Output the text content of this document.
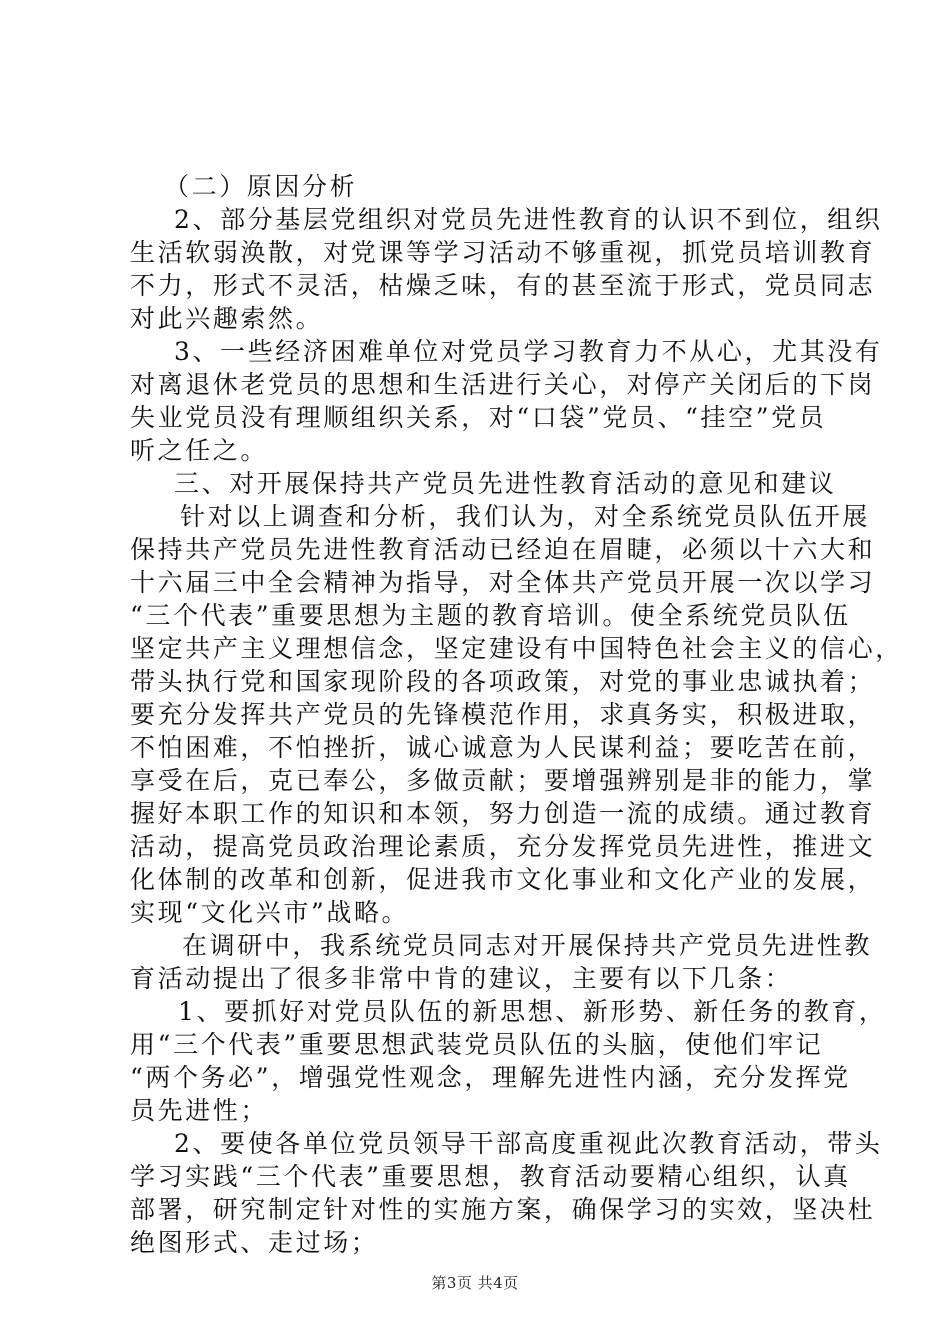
（二）原因分析
2、部分基层党组织对党员先进性教育的认识不到位，组织
生活软弱涣散，对党课等学习活动不够重视，抓党员培训教育
不力，形式不灵活，枯燥乏味，有的甚至流于形式，党员同志
对此兴趣索然。
3、一些经济困难单位对党员学习教育力不从心，尤其没有
对离退休老党员的思想和生活进行关心，对停产关闭后的下岗
失业党员没有理顺组织关系，对“口袋”党员、“挂空”党员
听之任之。
三、对开展保持共产党员先进性教育活动的意见和建议
针对以上调查和分析，我们认为，对全系统党员队伍开展
保持共产党员先进性教育活动已经迫在眉睫，必须以十六大和
十六届三中全会精神为指导，对全体共产党员开展一次以学习
“三个代表”重要思想为主题的教育培训。使全系统党员队伍
坚定共产主义理想信念，坚定建设有中国特色社会主义的信心，
带头执行党和国家现阶段的各项政策，对党的事业忠诚执着；
要充分发挥共产党员的先锋模范作用，求真务实，积极进取，
不怕困难，不怕挫折，诚心诚意为人民谋利益；要吃苦在前，
享受在后，克已奉公，多做贡献；要增强辨别是非的能力，掌
握好本职工作的知识和本领，努力创造一流的成绩。通过教育
活动，提高党员政治理论素质，充分发挥党员先进性，推进文
化体制的改革和创新，促进我市文化事业和文化产业的发展，
实现“文化兴市”战略。
在调研中，我系统党员同志对开展保持共产党员先进性教
育活动提出了很多非常中肯的建议，主要有以下几条：
1、要抓好对党员队伍的新思想、新形势、新任务的教育，
用“三个代表”重要思想武装党员队伍的头脑，使他们牢记
“两个务必”，增强党性观念，理解先进性内涵，充分发挥党
员先进性；
2、要使各单位党员领导干部高度重视此次教育活动，带头
学习实践“三个代表”重要思想，教育活动要精心组织，认真
部署，研究制定针对性的实施方案，确保学习的实效，坚决杜
绝图形式、走过场；
第3页 共4页
